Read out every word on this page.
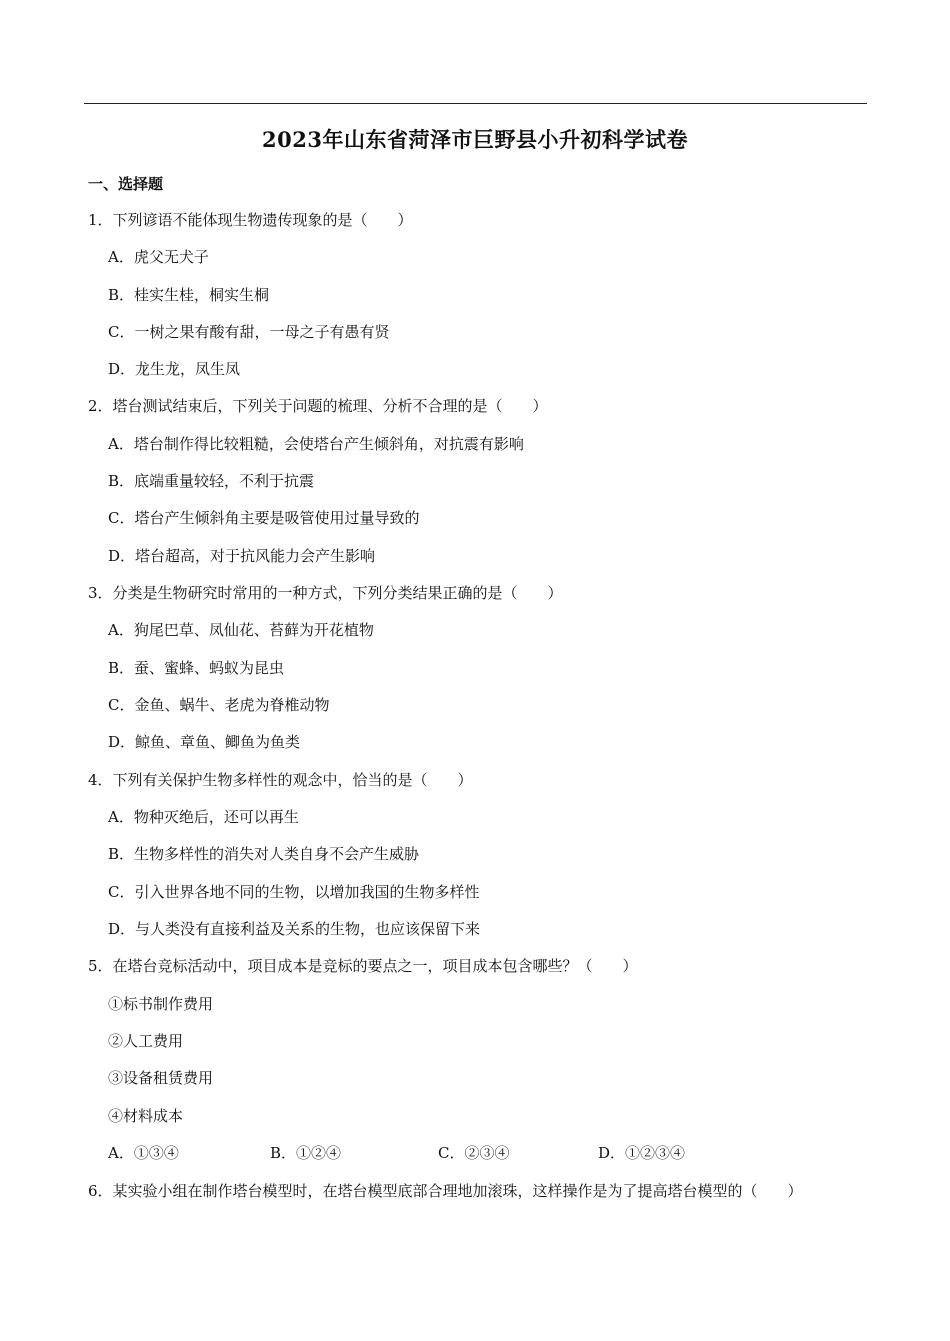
2023年山东省菏泽市巨野县小升初科学试卷
一、选择题
1．下列谚语不能体现生物遗传现象的是（　　）
A．虎父无犬子
B．桂实生桂，桐实生桐
C．一树之果有酸有甜，一母之子有愚有贤
D．龙生龙，凤生凤
2．塔台测试结束后，下列关于问题的梳理、分析不合理的是（　　）
A．塔台制作得比较粗糙，会使塔台产生倾斜角，对抗震有影响
B．底端重量较轻，不利于抗震
C．塔台产生倾斜角主要是吸管使用过量导致的
D．塔台超高，对于抗风能力会产生影响
3．分类是生物研究时常用的一种方式，下列分类结果正确的是（　　）
A．狗尾巴草、凤仙花、苔藓为开花植物
B．蚕、蜜蜂、蚂蚁为昆虫
C．金鱼、蜗牛、老虎为脊椎动物
D．鲸鱼、章鱼、鲫鱼为鱼类
4．下列有关保护生物多样性的观念中，恰当的是（　　）
A．物种灭绝后，还可以再生
B．生物多样性的消失对人类自身不会产生威胁
C．引入世界各地不同的生物，以增加我国的生物多样性
D．与人类没有直接利益及关系的生物，也应该保留下来
5．在塔台竞标活动中，项目成本是竞标的要点之一，项目成本包含哪些？（　　）
①标书制作费用
②人工费用
③设备租赁费用
④材料成本
A．①③④	B．①②④	C．②③④	D．①②③④
6．某实验小组在制作塔台模型时，在塔台模型底部合理地加滚珠，这样操作是为了提高塔台模型的（　　）
